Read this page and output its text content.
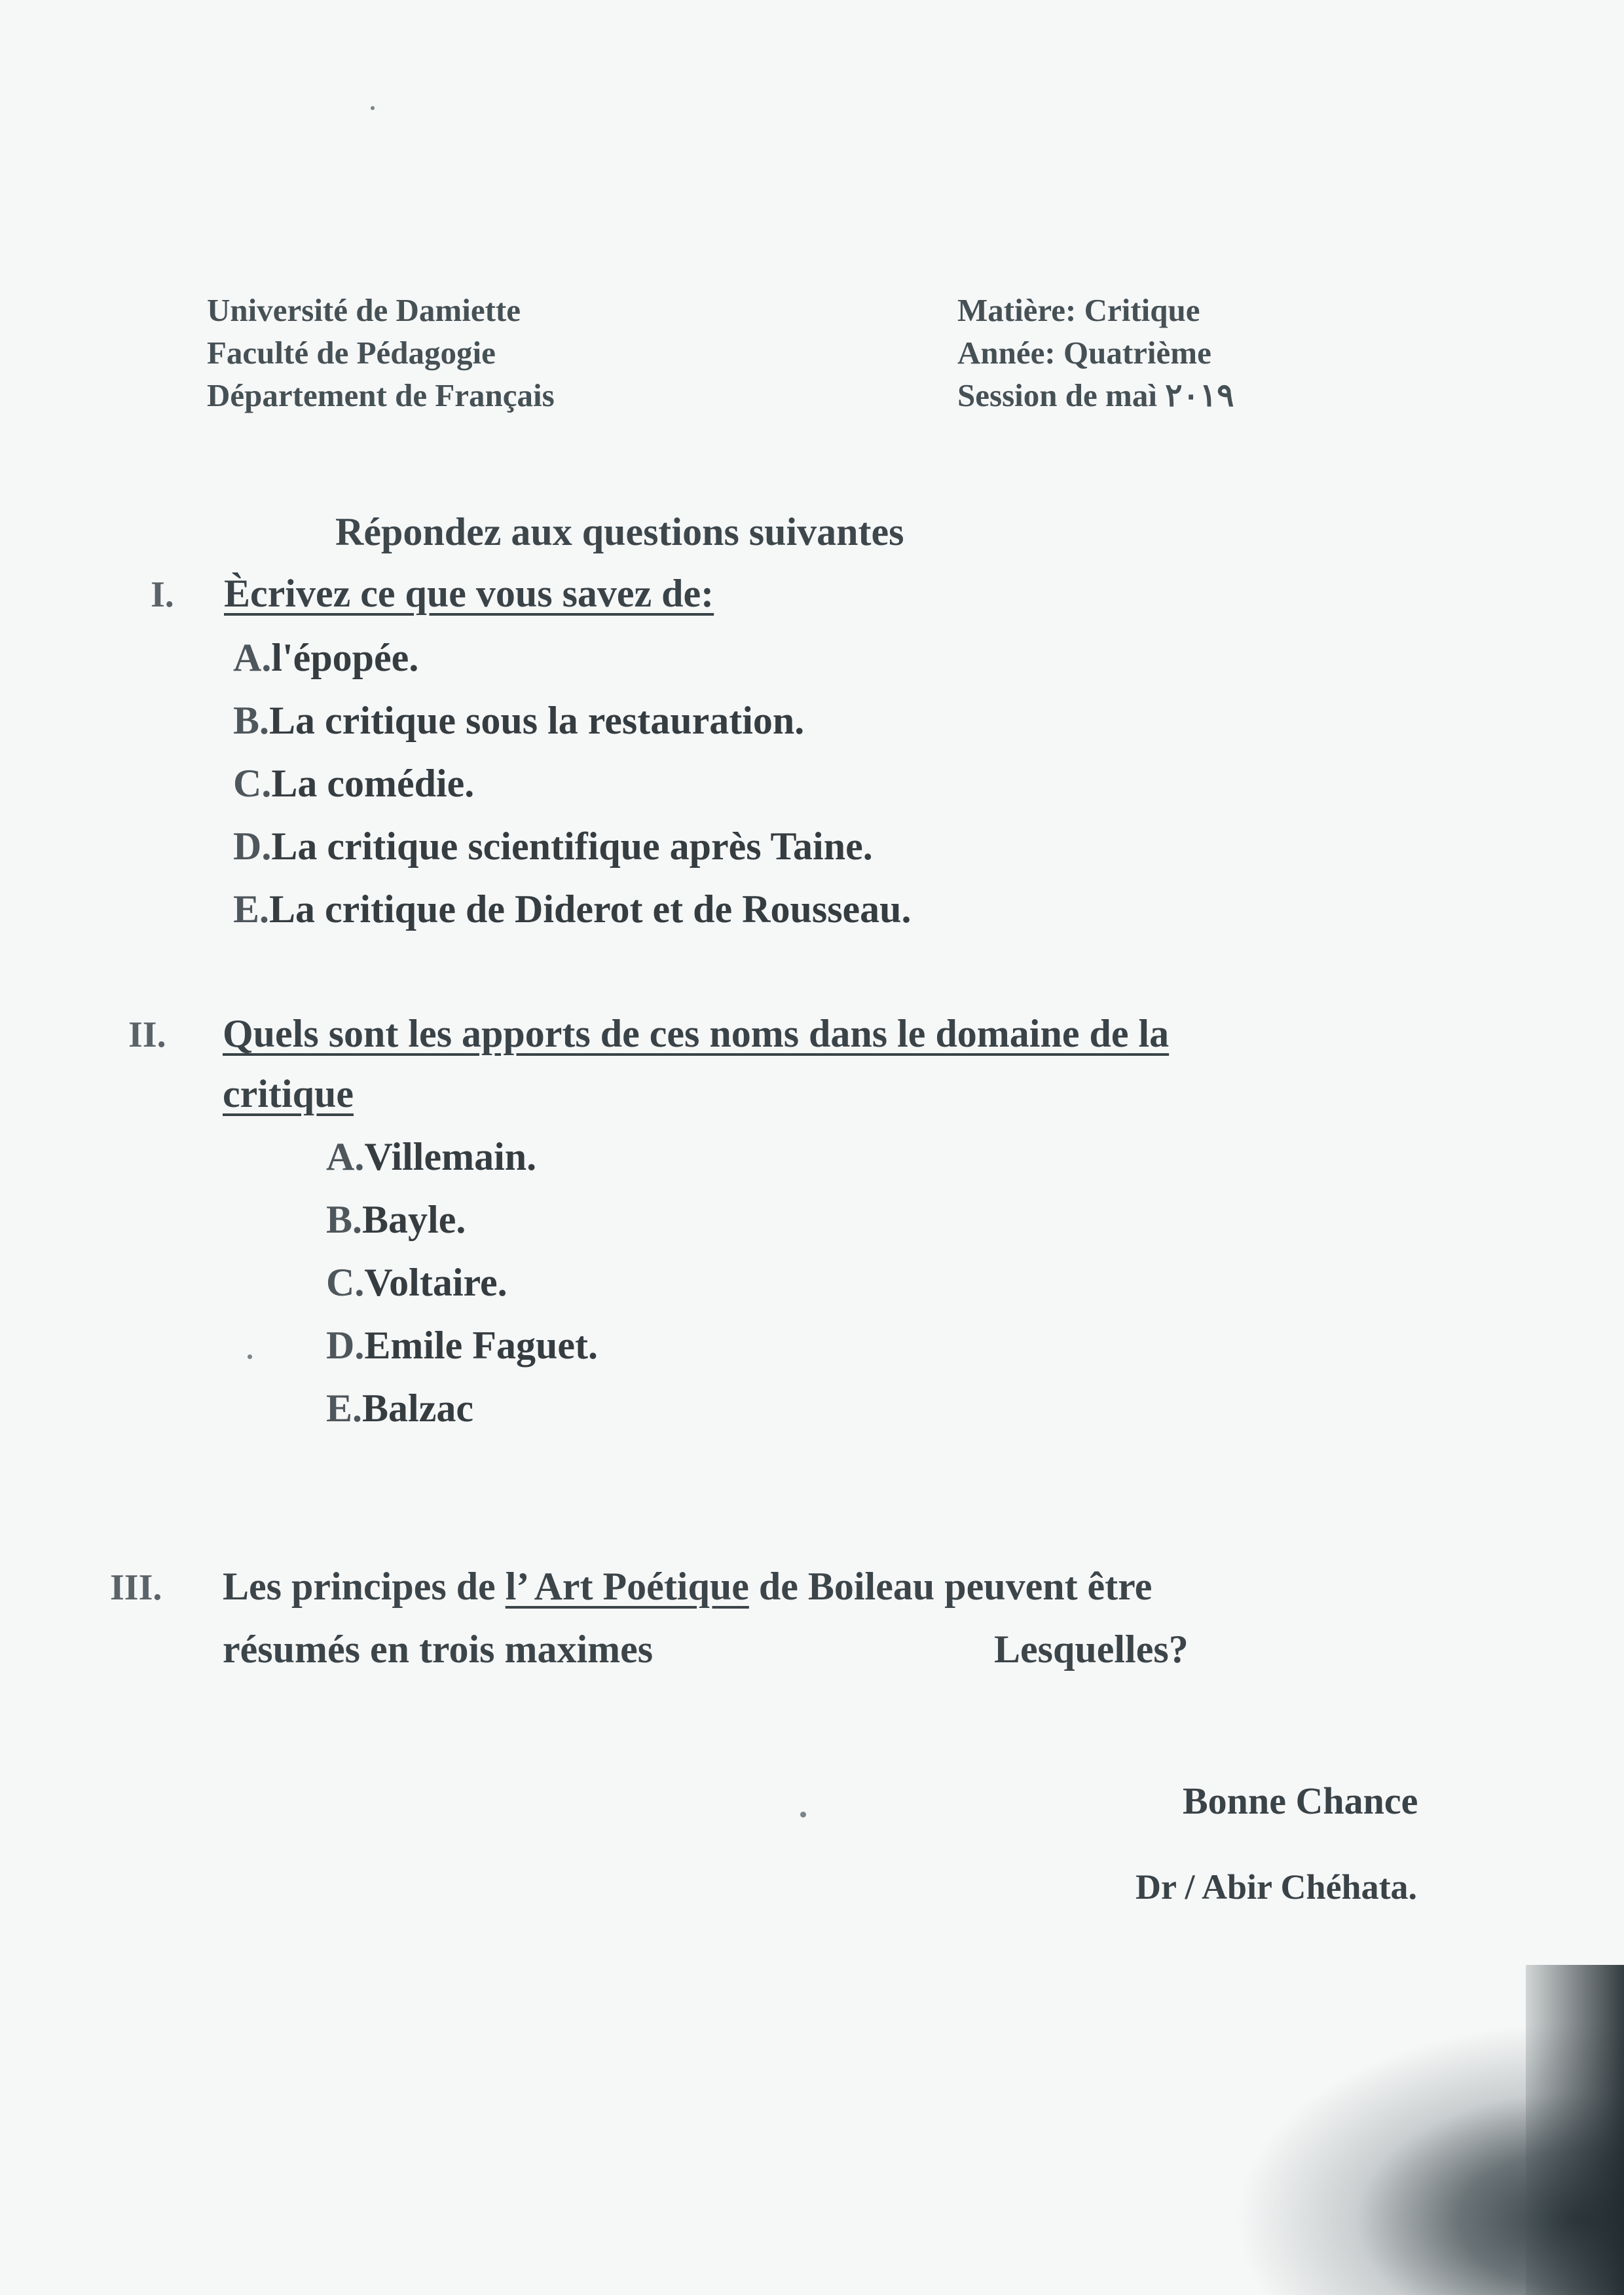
Université de Damiette
Faculté de Pédagogie
Département de Français
Matière: Critique
Année: Quatrième
Session de maì ٢٠١٩
Répondez aux questions suivantes
I. Ècrivez ce que vous savez de:
A.l'épopée.
B.La critique sous la restauration.
C.La comédie.
D.La critique scientifique après Taine.
E.La critique de Diderot et de Rousseau.
II. Quels sont les apports de ces noms dans le domaine de la
critique
A.Villemain.
B.Bayle.
C.Voltaire.
D.Emile Faguet.
E.Balzac
III. Les principes de l’ Art Poétique de Boileau peuvent être
résumés en trois maximes	Lesquelles?
Bonne Chance
Dr / Abir Chéhata.
